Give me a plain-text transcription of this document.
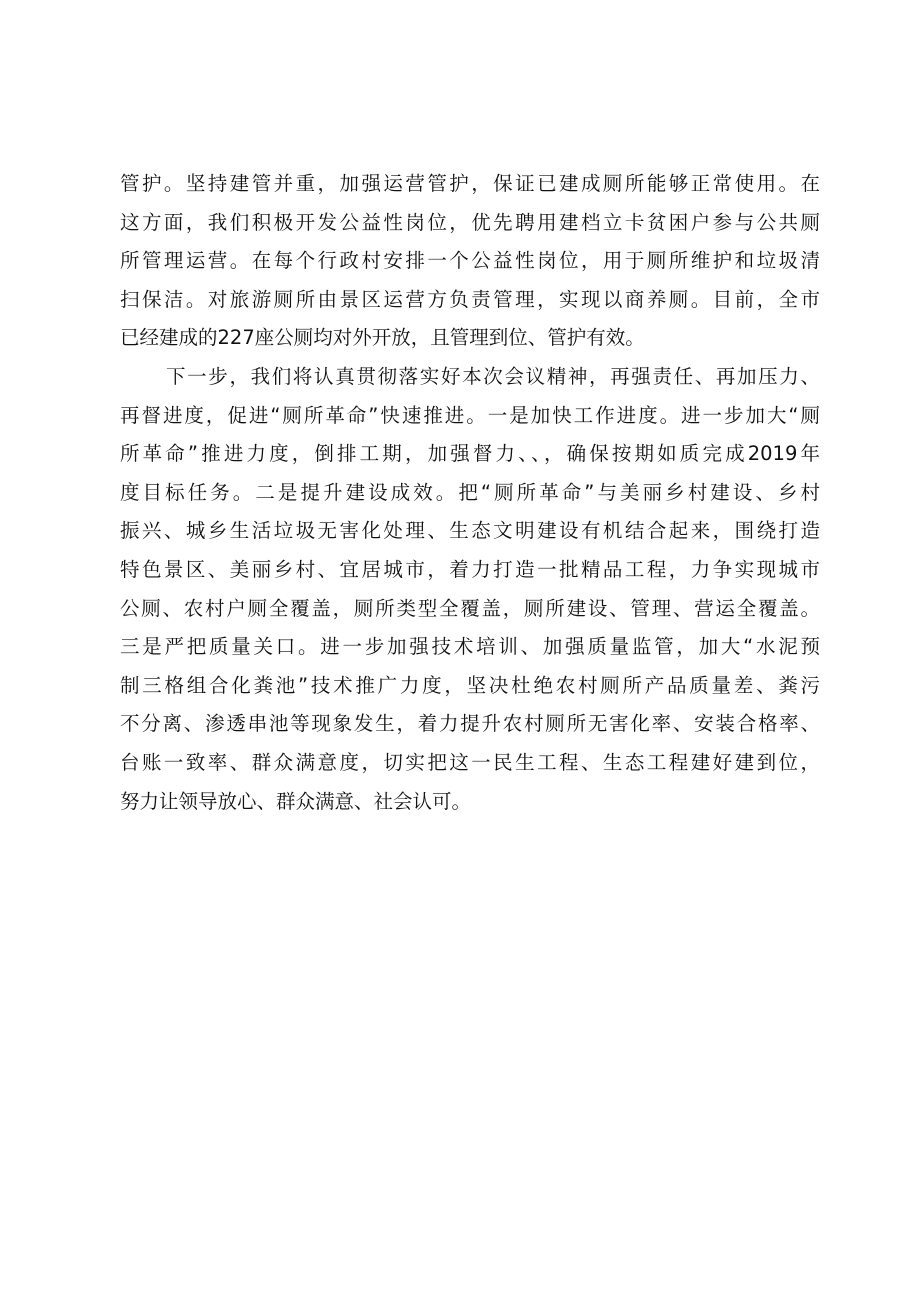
管护。坚持建管并重，加强运营管护，保证已建成厕所能够正常使用。在
这方面，我们积极开发公益性岗位，优先聘用建档立卡贫困户参与公共厕
所管理运营。在每个行政村安排一个公益性岗位，用于厕所维护和垃圾清
扫保洁。对旅游厕所由景区运营方负责管理，实现以商养厕。目前，全市
已经建成的227座公厕均对外开放，且管理到位、管护有效。
下一步，我们将认真贯彻落实好本次会议精神，再强责任、再加压力、
再督进度，促进“厕所革命”快速推进。一是加快工作进度。进一步加大“厕
所革命”推进力度，倒排工期，加强督力、、，确保按期如质完成2019年
度目标任务。二是提升建设成效。把“厕所革命”与美丽乡村建设、乡村
振兴、城乡生活垃圾无害化处理、生态文明建设有机结合起来，围绕打造
特色景区、美丽乡村、宜居城市，着力打造一批精品工程，力争实现城市
公厕、农村户厕全覆盖，厕所类型全覆盖，厕所建设、管理、营运全覆盖。
三是严把质量关口。进一步加强技术培训、加强质量监管，加大“水泥预
制三格组合化粪池”技术推广力度，坚决杜绝农村厕所产品质量差、粪污
不分离、渗透串池等现象发生，着力提升农村厕所无害化率、安装合格率、
台账一致率、群众满意度，切实把这一民生工程、生态工程建好建到位，
努力让领导放心、群众满意、社会认可。
